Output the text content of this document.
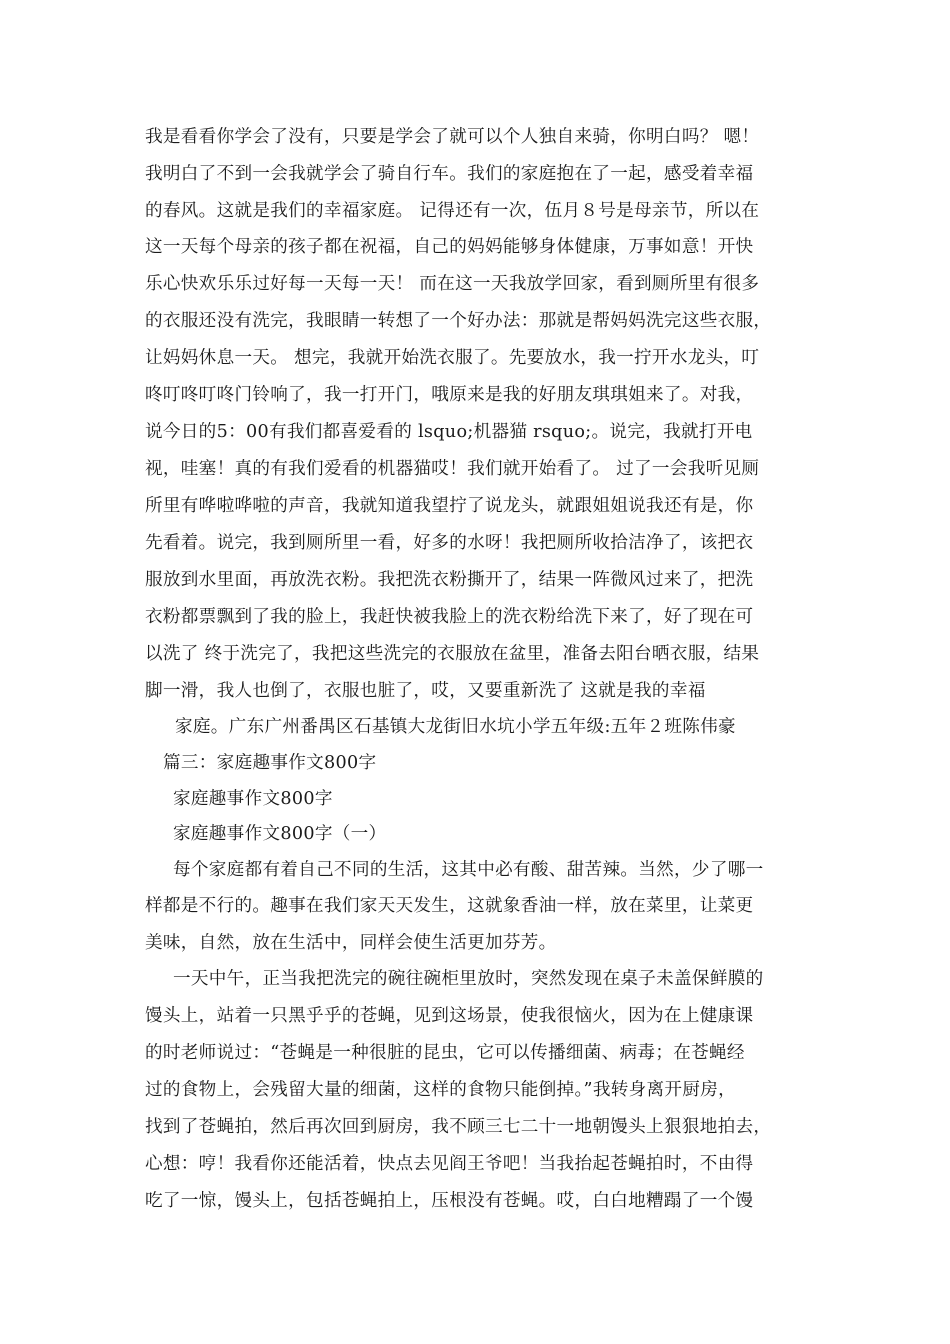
我是看看你学会了没有，只要是学会了就可以个人独自来骑，你明白吗？ 嗯！
我明白了不到一会我就学会了骑自行车。我们的家庭抱在了一起，感受着幸福
的春风。这就是我们的幸福家庭。 记得还有一次，伍月８号是母亲节，所以在
这一天每个母亲的孩子都在祝福，自己的妈妈能够身体健康，万事如意！开快
乐心快欢乐乐过好每一天每一天！ 而在这一天我放学回家，看到厕所里有很多
的衣服还没有洗完，我眼睛一转想了一个好办法：那就是帮妈妈洗完这些衣服，
让妈妈休息一天。 想完，我就开始洗衣服了。先要放水，我一拧开水龙头，叮
咚叮咚叮咚门铃响了，我一打开门，哦原来是我的好朋友琪琪姐来了。对我，
说今日的5：00有我们都喜爱看的 lsquo;机器猫 rsquo;。说完，我就打开电
视，哇塞！真的有我们爱看的机器猫哎！我们就开始看了。 过了一会我听见厕
所里有哗啦哗啦的声音，我就知道我望拧了说龙头，就跟姐姐说我还有是，你
先看着。说完，我到厕所里一看，好多的水呀！我把厕所收拾洁净了，该把衣
服放到水里面，再放洗衣粉。我把洗衣粉撕开了，结果一阵微风过来了，把洗
衣粉都票飘到了我的脸上，我赶快被我脸上的洗衣粉给洗下来了，好了现在可
以洗了 终于洗完了，我把这些洗完的衣服放在盆里，准备去阳台晒衣服，结果
脚一滑，我人也倒了，衣服也脏了，哎，又要重新洗了 这就是我的幸福
家庭。广东广州番禺区石基镇大龙街旧水坑小学五年级:五年２班陈伟豪
篇三：家庭趣事作文800字
家庭趣事作文800字
家庭趣事作文800字（一）
每个家庭都有着自己不同的生活，这其中必有酸、甜苦辣。当然，少了哪一
样都是不行的。趣事在我们家天天发生，这就象香油一样，放在菜里，让菜更
美味，自然，放在生活中，同样会使生活更加芬芳。
一天中午，正当我把洗完的碗往碗柜里放时，突然发现在桌子未盖保鲜膜的
馒头上，站着一只黑乎乎的苍蝇，见到这场景，使我很恼火，因为在上健康课
的时老师说过：“苍蝇是一种很脏的昆虫，它可以传播细菌、病毒；在苍蝇经
过的食物上，会残留大量的细菌，这样的食物只能倒掉。”我转身离开厨房，
找到了苍蝇拍，然后再次回到厨房，我不顾三七二十一地朝馒头上狠狠地拍去，
心想：哼！我看你还能活着，快点去见阎王爷吧！当我抬起苍蝇拍时，不由得
吃了一惊，馒头上，包括苍蝇拍上，压根没有苍蝇。哎，白白地糟蹋了一个馒
